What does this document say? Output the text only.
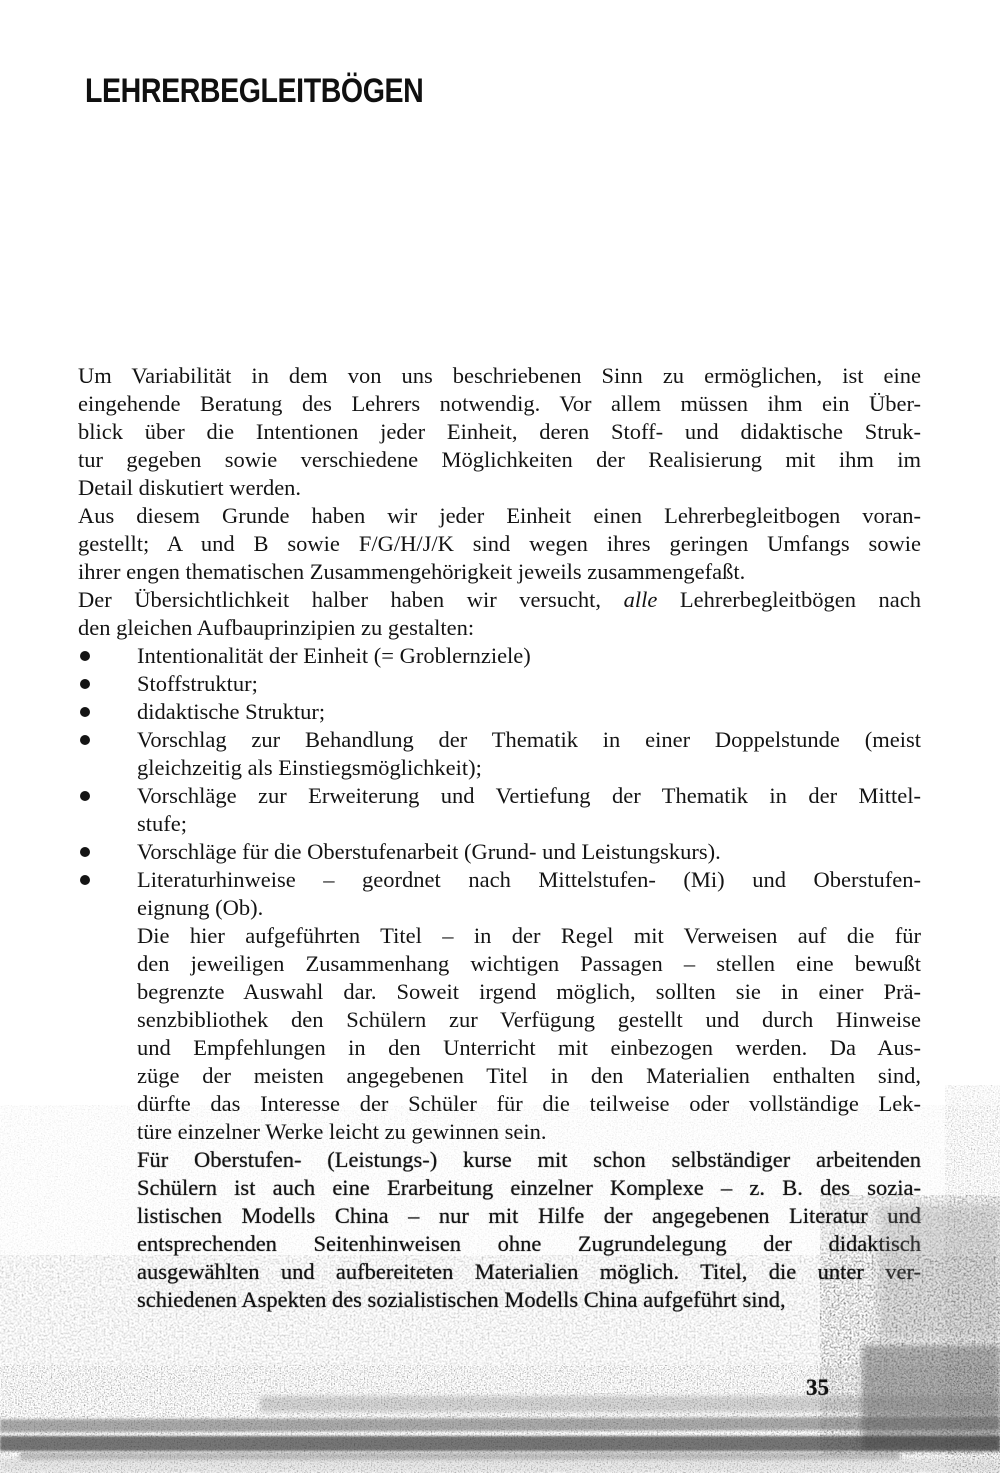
LEHRERBEGLEITBÖGEN
Um Variabilität in dem von uns beschriebenen Sinn zu ermöglichen, ist eine
eingehende Beratung des Lehrers notwendig. Vor allem müssen ihm ein Über-
blick über die Intentionen jeder Einheit, deren Stoff- und didaktische Struk-
tur gegeben sowie verschiedene Möglichkeiten der Realisierung mit ihm im
Detail diskutiert werden.
Aus diesem Grunde haben wir jeder Einheit einen Lehrerbegleitbogen voran-
gestellt; A und B sowie F/G/H/J/K sind wegen ihres geringen Umfangs sowie
ihrer engen thematischen Zusammengehörigkeit jeweils zusammengefaßt.
Der Übersichtlichkeit halber haben wir versucht, alle Lehrerbegleitbögen nach
den gleichen Aufbauprinzipien zu gestalten:
Intentionalität der Einheit (= Groblernziele)
Stoffstruktur;
didaktische Struktur;
Vorschlag zur Behandlung der Thematik in einer Doppelstunde (meist
gleichzeitig als Einstiegsmöglichkeit);
Vorschläge zur Erweiterung und Vertiefung der Thematik in der Mittel-
stufe;
Vorschläge für die Oberstufenarbeit (Grund- und Leistungskurs).
Literaturhinweise – geordnet nach Mittelstufen- (Mi) und Oberstufen-
eignung (Ob).
Die hier aufgeführten Titel – in der Regel mit Verweisen auf die für
den jeweiligen Zusammenhang wichtigen Passagen – stellen eine bewußt
begrenzte Auswahl dar. Soweit irgend möglich, sollten sie in einer Prä-
senzbibliothek den Schülern zur Verfügung gestellt und durch Hinweise
und Empfehlungen in den Unterricht mit einbezogen werden. Da Aus-
züge der meisten angegebenen Titel in den Materialien enthalten sind,
dürfte das Interesse der Schüler für die teilweise oder vollständige Lek-
türe einzelner Werke leicht zu gewinnen sein.
Für Oberstufen- (Leistungs-) kurse mit schon selbständiger arbeitenden
Schülern ist auch eine Erarbeitung einzelner Komplexe – z. B. des sozia-
listischen Modells China – nur mit Hilfe der angegebenen Literatur und
entsprechenden Seitenhinweisen ohne Zugrundelegung der didaktisch
ausgewählten und aufbereiteten Materialien möglich. Titel, die unter ver-
schiedenen Aspekten des sozialistischen Modells China aufgeführt sind,
35
